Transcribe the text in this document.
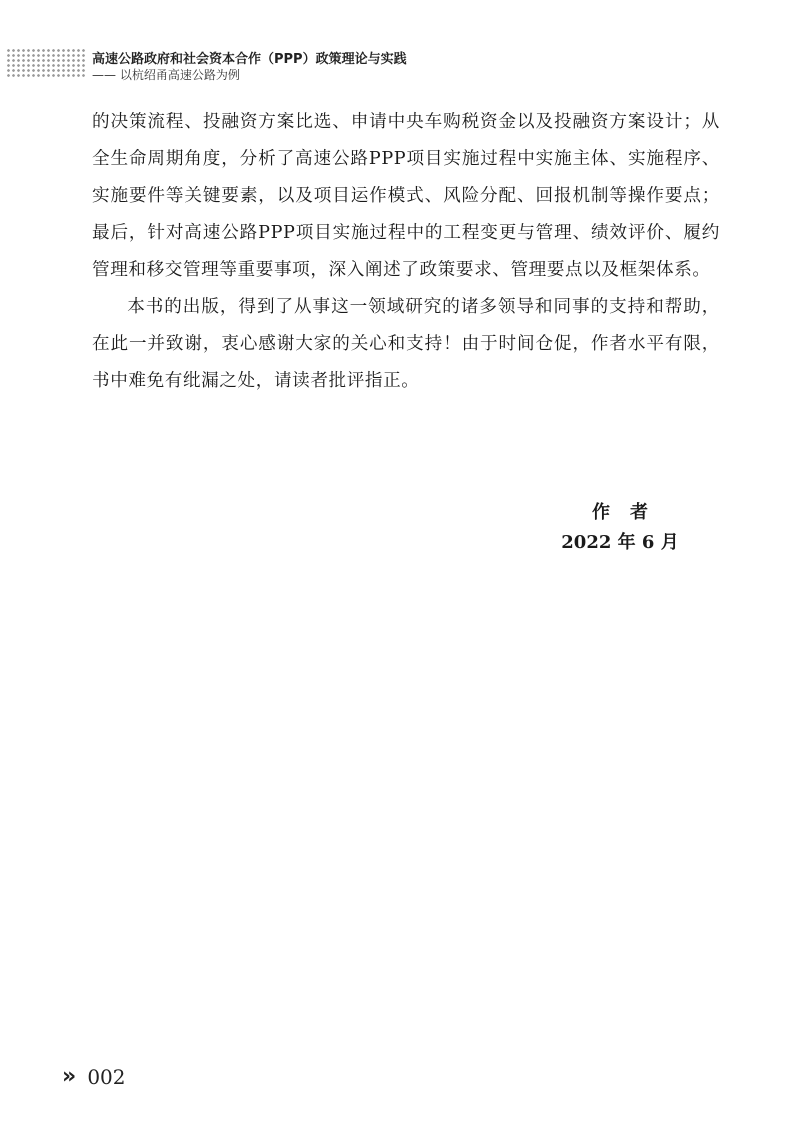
高速公路政府和社会资本合作（PPP）政策理论与实践
—— 以杭绍甬高速公路为例

的决策流程、投融资方案比选、申请中央车购税资金以及投融资方案设计；从全生命周期角度，分析了高速公路PPP项目实施过程中实施主体、实施程序、实施要件等关键要素，以及项目运作模式、风险分配、回报机制等操作要点；最后，针对高速公路PPP项目实施过程中的工程变更与管理、绩效评价、履约管理和移交管理等重要事项，深入阐述了政策要求、管理要点以及框架体系。

本书的出版，得到了从事这一领域研究的诸多领导和同事的支持和帮助，在此一并致谢，衷心感谢大家的关心和支持！由于时间仓促，作者水平有限，书中难免有纰漏之处，请读者批评指正。

作者
2022 年 6 月
» 002
